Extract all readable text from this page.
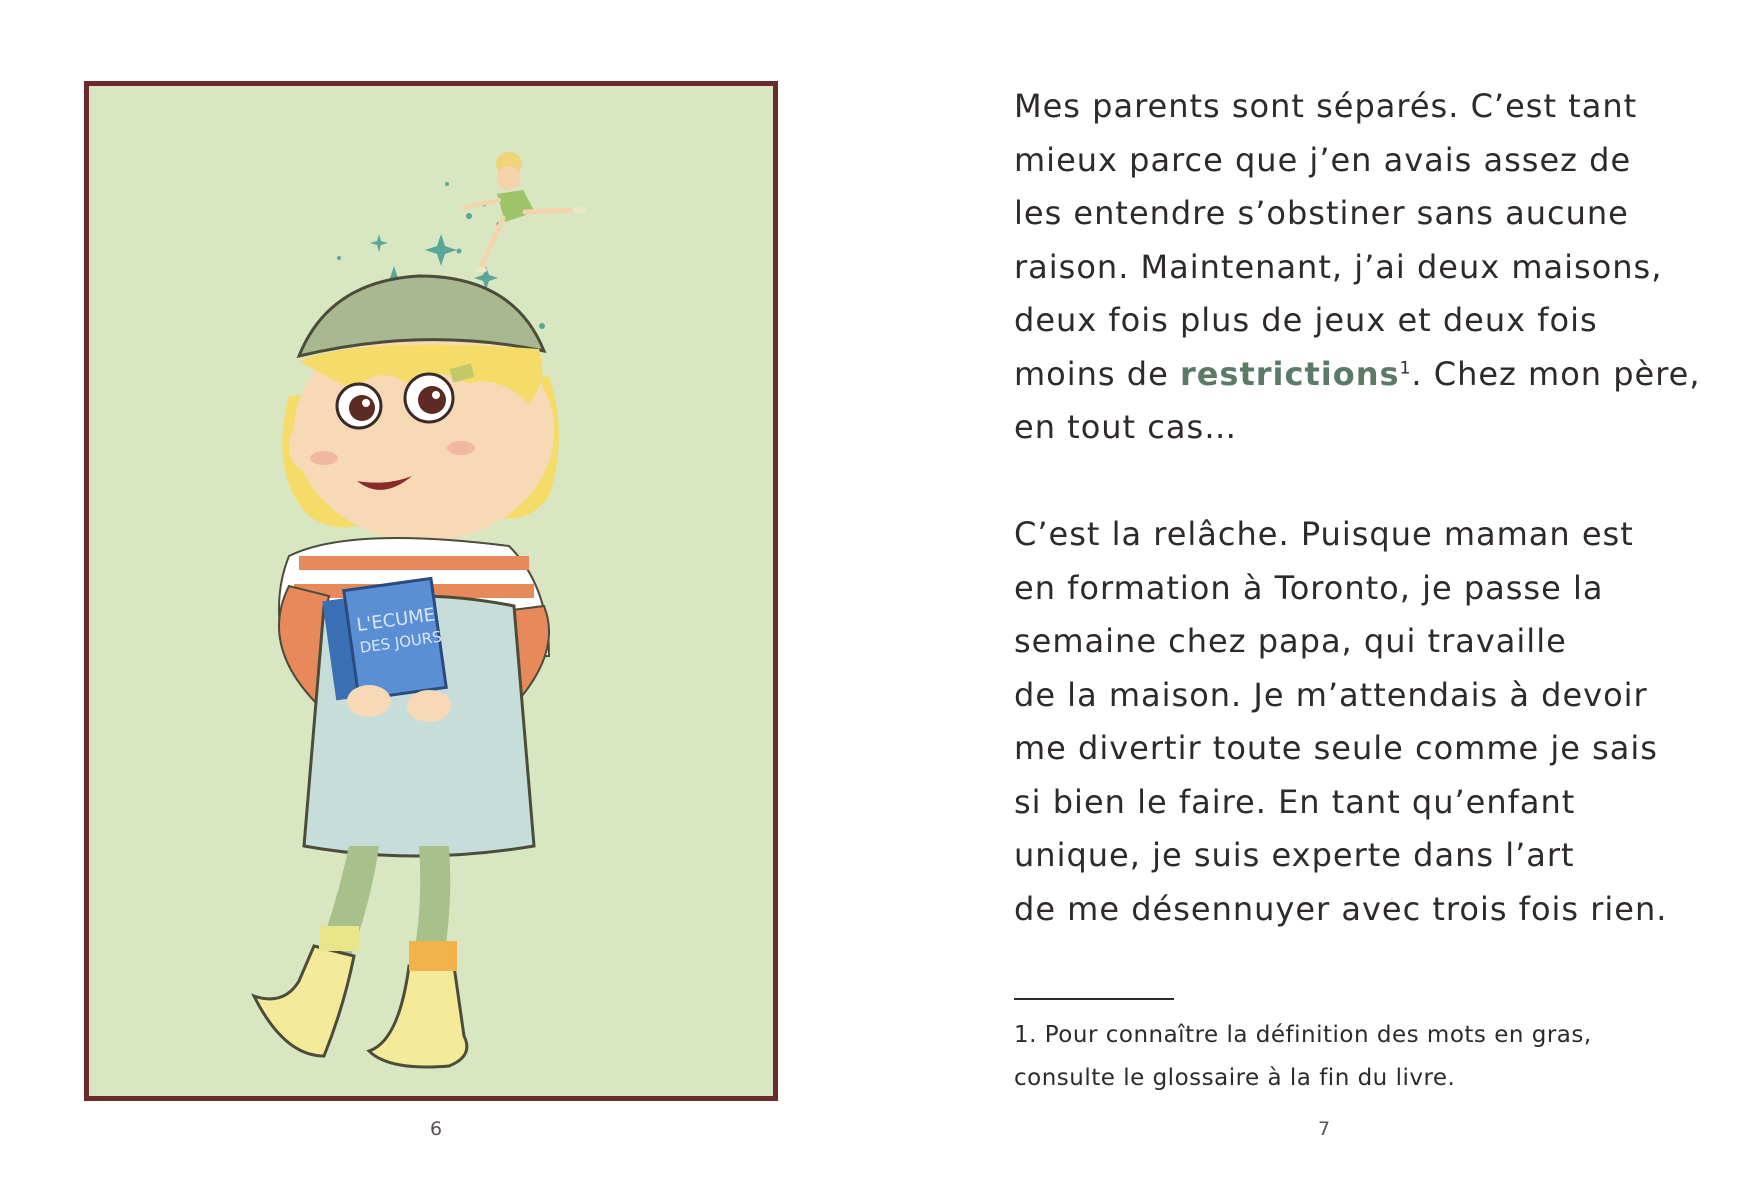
L'ECUME
DES JOURS
6
Mes parents sont séparés. C’est tant
mieux parce que j’en avais assez de
les entendre s’obstiner sans aucune
raison. Maintenant, j’ai deux maisons,
deux fois plus de jeux et deux fois
moins de restrictions$^1$. Chez mon père,
en tout cas…
C’est la relâche. Puisque maman est
en formation à Toronto, je passe la
semaine chez papa, qui travaille
de la maison. Je m’attendais à devoir
me divertir toute seule comme je sais
si bien le faire. En tant qu’enfant
unique, je suis experte dans l’art
de me désennuyer avec trois fois rien.
1. Pour connaître la définition des mots en gras,
consulte le glossaire à la fin du livre.
7
